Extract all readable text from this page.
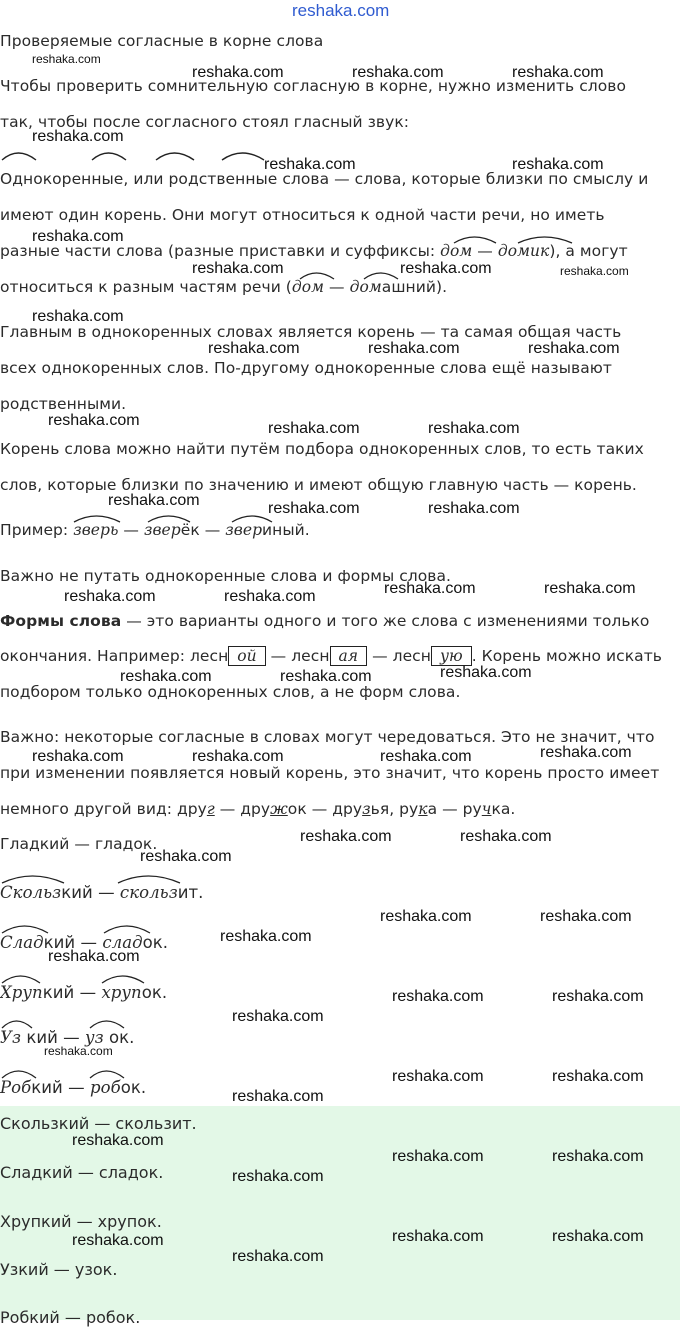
reshaka.com
Проверяемые согласные в корне слова
Чтобы проверить сомнительную согласную в корне, нужно изменить слово
так, чтобы после согласного стоял гласный звук:
Однокоренные, или родственные слова — слова, которые близки по смыслу и
имеют один корень. Они могут относиться к одной части речи, но иметь
разные части слова (разные приставки и суффиксы: дом — домик), а могут
относиться к разным частям речи (дом — домашний).
Главным в однокоренных словах является корень — та самая общая часть
всех однокоренных слов. По-другому однокоренные слова ещё называют
родственными.
Корень слова можно найти путём подбора однокоренных слов, то есть таких
слов, которые близки по значению и имеют общую главную часть — корень.
Пример: зверь — зверёк — звериный.
Важно не путать однокоренные слова и формы слова.
Формы слова — это варианты одного и того же слова с изменениями только
окончания. Например: лесн ой — лесн ая — лесн ую . Корень можно искать
подбором только однокоренных слов, а не форм слова.
Важно: некоторые согласные в словах могут чередоваться. Это не значит, что
при изменении появляется новый корень, это значит, что корень просто имеет
немного другой вид: друг — дружок — друзья, рука — ручка.
Гладкий — гладок.
Скользкий — скользит.
Сладкий — сладок.
Хрупкий — хрупок.
Уз кий — уз ок.
Робкий — робок.
Скользкий — скользит.
Сладкий — сладок.
Хрупкий — хрупок.
Узкий — узок.
Робкий — робок.
reshaka.com
reshaka.com	reshaka.com	reshaka.com
reshaka.com
reshaka.com	reshaka.com
reshaka.com
reshaka.com	reshaka.com	reshaka.com
reshaka.com
reshaka.com	reshaka.com	reshaka.com
reshaka.com	reshaka.com	reshaka.com
reshaka.com	reshaka.com	reshaka.com
reshaka.com	reshaka.com
reshaka.com	reshaka.com
reshaka.com	reshaka.com	reshaka.com
reshaka.com	reshaka.com	reshaka.com	reshaka.com
reshaka.com	reshaka.com
reshaka.com
reshaka.com	reshaka.com
reshaka.com
reshaka.com
reshaka.com	reshaka.com
reshaka.com
reshaka.com
reshaka.com	reshaka.com
reshaka.com
reshaka.com
reshaka.com	reshaka.com
reshaka.com
reshaka.com	reshaka.com
reshaka.com
reshaka.com
